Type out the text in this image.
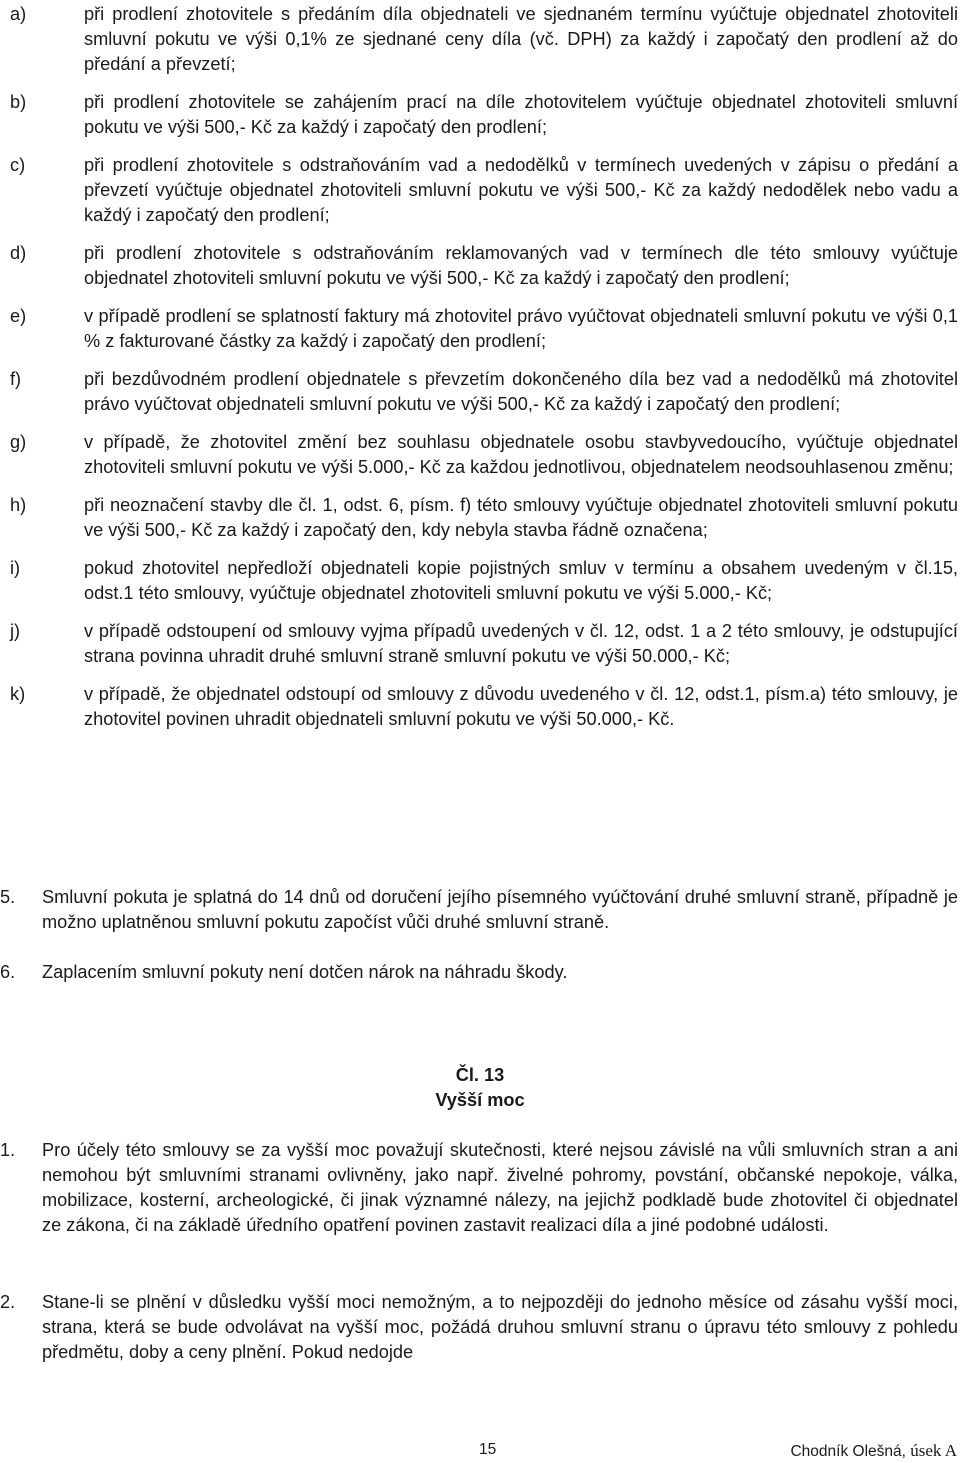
a)	při prodlení zhotovitele s předáním díla objednateli ve sjednaném termínu vyúčtuje objednatel zhotoviteli smluvní pokutu ve výši 0,1% ze sjednané ceny díla (vč. DPH) za každý i započatý den prodlení až do předání a převzetí;
b)	při prodlení zhotovitele se zahájením prací na díle zhotovitelem vyúčtuje objednatel zhotoviteli smluvní pokutu ve výši 500,- Kč za každý i započatý den prodlení;
c)	při prodlení zhotovitele s odstraňováním vad a nedodělků v termínech uvedených v zápisu o předání a převzetí vyúčtuje objednatel zhotoviteli smluvní pokutu ve výši 500,- Kč za každý nedodělek nebo vadu a každý i započatý den prodlení;
d)	při prodlení zhotovitele s odstraňováním reklamovaných vad v termínech dle této smlouvy vyúčtuje objednatel zhotoviteli smluvní pokutu ve výši 500,- Kč za každý i započatý den prodlení;
e)	v případě prodlení se splatností faktury má zhotovitel právo vyúčtovat objednateli smluvní pokutu ve výši 0,1 % z fakturované částky za každý i započatý den prodlení;
f)	při bezdůvodném prodlení objednatele s převzetím dokončeného díla bez vad a nedodělků má zhotovitel právo vyúčtovat objednateli smluvní pokutu ve výši 500,- Kč za každý i započatý den prodlení;
g)	v případě, že zhotovitel změní bez souhlasu objednatele osobu stavbyvedoucího, vyúčtuje objednatel zhotoviteli smluvní pokutu ve výši 5.000,- Kč za každou jednotlivou, objednatelem neodsouhlasenou změnu;
h)	při neoznačení stavby dle čl. 1, odst. 6, písm. f) této smlouvy vyúčtuje objednatel zhotoviteli smluvní pokutu ve výši 500,- Kč za každý i započatý den, kdy nebyla stavba řádně označena;
i)	pokud zhotovitel nepředloží objednateli kopie pojistných smluv v termínu a obsahem uvedeným v čl.15, odst.1 této smlouvy, vyúčtuje objednatel zhotoviteli smluvní pokutu ve výši 5.000,- Kč;
j)	v případě odstoupení od smlouvy vyjma případů uvedených v čl. 12, odst. 1 a 2 této smlouvy, je odstupující strana povinna uhradit druhé smluvní straně smluvní pokutu ve výši 50.000,- Kč;
k)	v případě, že objednatel odstoupí od smlouvy z důvodu uvedeného v čl. 12, odst.1, písm.a) této smlouvy, je zhotovitel povinen uhradit objednateli smluvní pokutu ve výši 50.000,- Kč.
5. Smluvní pokuta je splatná do 14 dnů od doručení jejího písemného vyúčtování druhé smluvní straně, případně je možno uplatněnou smluvní pokutu započíst vůči druhé smluvní straně.
6. Zaplacením smluvní pokuty není dotčen nárok na náhradu škody.
Čl. 13
Vyšší moc
1. Pro účely této smlouvy se za vyšší moc považují skutečnosti, které nejsou závislé na vůli smluvních stran a ani nemohou být smluvními stranami ovlivněny, jako např. živelné pohromy, povstání, občanské nepokoje, válka, mobilizace, kosterní, archeologické, či jinak významné nálezy, na jejichž podkladě bude zhotovitel či objednatel ze zákona, či na základě úředního opatření povinen zastavit realizaci díla a jiné podobné události.
2. Stane-li se plnění v důsledku vyšší moci nemožným, a to nejpozději do jednoho měsíce od zásahu vyšší moci, strana, která se bude odvolávat na vyšší moc, požádá druhou smluvní stranu o úpravu této smlouvy z pohledu předmětu, doby a ceny plnění. Pokud nedojde
15	Chodník Olešná, úsek A
